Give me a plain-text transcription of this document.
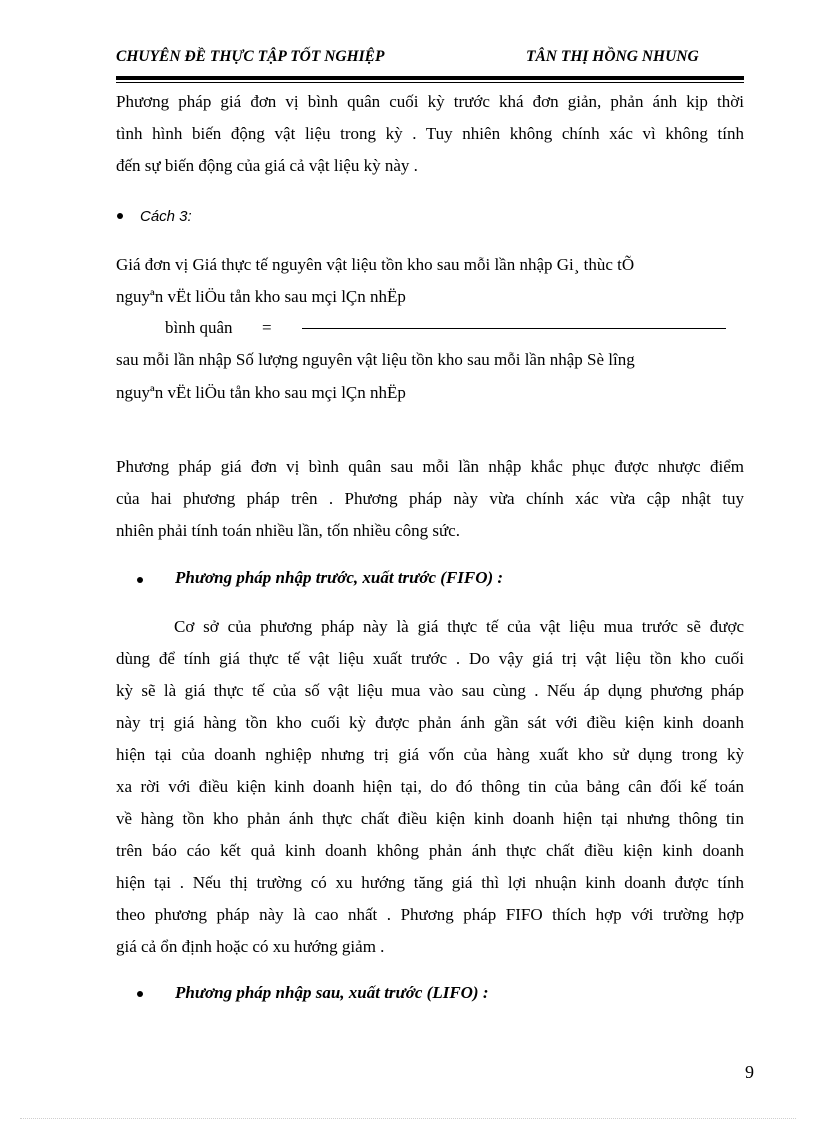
CHUYÊN ĐỀ THỰC TẬP TỐT NGHIỆP	TÂN THỊ HỒNG NHUNG
Phương pháp giá đơn vị bình quân cuối kỳ trước khá đơn giản, phản ánh kịp thời
tình hình biến động vật liệu trong kỳ . Tuy nhiên không chính xác vì không tính
đến sự biến động của giá cả vật liệu kỳ này .
Cách 3:
Giá đơn vị Giá thực tế nguyên vật liệu tồn kho sau mỗi lần nhập Gi¸ thùc tÕ
nguyªn vËt liÖu tån kho sau mçi lÇn nhËp
bình quân =
sau mỗi lần nhập Số lượng nguyên vật liệu tồn kho sau mỗi lần nhập Sè lîng
nguyªn vËt liÖu tån kho sau mçi lÇn nhËp
Phương pháp giá đơn vị bình quân sau mỗi lần nhập khắc phục được nhược điểm
của hai phương pháp trên . Phương pháp này vừa chính xác vừa cập nhật tuy
nhiên phải tính toán nhiều lần, tốn nhiều công sức.
Phương pháp nhập trước, xuất trước (FIFO) :
Cơ sở của phương pháp này là giá thực tế của vật liệu mua trước sẽ được
dùng để tính giá thực tế vật liệu xuất trước . Do vậy giá trị vật liệu tồn kho cuối
kỳ sẽ là giá thực tế của số vật liệu mua vào sau cùng . Nếu áp dụng phương pháp
này trị giá hàng tồn kho cuối kỳ được phản ánh gần sát với điều kiện kinh doanh
hiện tại của doanh nghiệp nhưng trị giá vốn của hàng xuất kho sử dụng trong kỳ
xa rời với điều kiện kinh doanh hiện tại, do đó thông tin của bảng cân đối kế toán
về hàng tồn kho phản ánh thực chất điều kiện kinh doanh hiện tại nhưng thông tin
trên báo cáo kết quả kinh doanh không phản ánh thực chất điều kiện kinh doanh
hiện tại . Nếu thị trường có xu hướng tăng giá thì lợi nhuận kinh doanh được tính
theo phương pháp này là cao nhất . Phương pháp FIFO thích hợp với trường hợp
giá cả ổn định hoặc có xu hướng giảm .
Phương pháp nhập sau, xuất trước (LIFO) :
9
